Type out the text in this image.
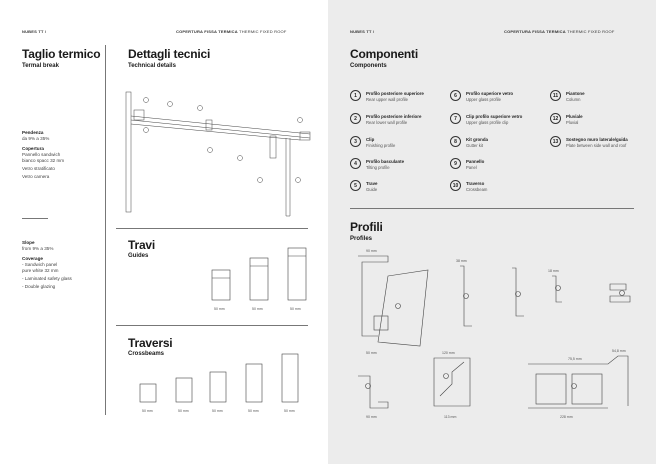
NUBES TT /	COPERTURA FISSA TERMICA THERMIC FIXED ROOF
Taglio termico
Termal break
Pendenza
da 9% a 35%
Copertura
Pannello sandwich
bianco spacc 32 mm
Vetro stratificato
Vetro camera
Slope
from 9% a 35%
Coverage
- Sandwich panel
pure white 32 mm
- Laminated safety glass
- Double glazing
Dettagli tecnici
Technical details
Travi
Guides
50 mm	50 mm	50 mm
Traversi
Crossbeams
50 mm	50 mm	50 mm	50 mm	50 mm
NUBES TT /	COPERTURA FISSA TERMICA THERMIC FIXED ROOF
Componenti
Components
1	Profilo posteriore superiore
Rear upper wall profile
2	Profilo posteriore inferiore
Rear lower wall profile
3	Clip
Finishing profile
4	Profilo basculante
Tilting profile
5	Trave
Guide
6	Profilo superiore vetro
Upper glass profile
7	Clip profilo superiore vetro
Upper glass profile clip
8	Kit gronda
Gutter kit
9	Pannello
Panel
10	Traverso
Crossbeam
11	Piantone
Column
12	Pluviale
Pluvial
13	Sostegno muro laterale/guida
Plate between side wall and roof
Profili
Profiles
90 mm
50 mm
38 mm
18 mm
120 mm
90 mm	113 mm	228 mm
54,8 mm
75,5 mm
